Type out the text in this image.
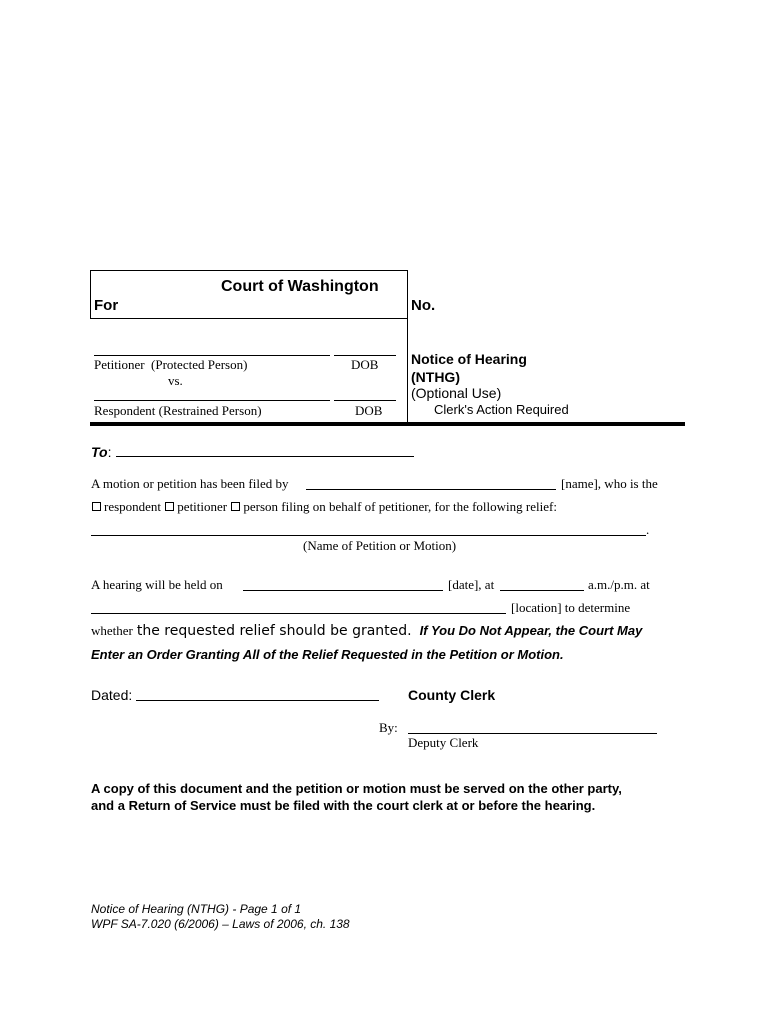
Court of Washington
For	No.
Petitioner  (Protected Person)	DOB
vs.
Respondent (Restrained Person)	DOB
Notice of Hearing
(NTHG)
(Optional Use)
Clerk's Action Required
To:
A motion or petition has been filed by	[name], who is the
respondent petitioner person filing on behalf of petitioner, for the following relief:
.
(Name of Petition or Motion)
A hearing will be held on	[date], at	a.m./p.m. at
[location] to determine
whether the requested relief should be granted. If You Do Not Appear, the Court May
Enter an Order Granting All of the Relief Requested in the Petition or Motion.
Dated:	County Clerk
By:
Deputy Clerk
A copy of this document and the petition or motion must be served on the other party,
and a Return of Service must be filed with the court clerk at or before the hearing.
Notice of Hearing (NTHG) - Page 1 of 1
WPF SA-7.020 (6/2006) – Laws of 2006, ch. 138
